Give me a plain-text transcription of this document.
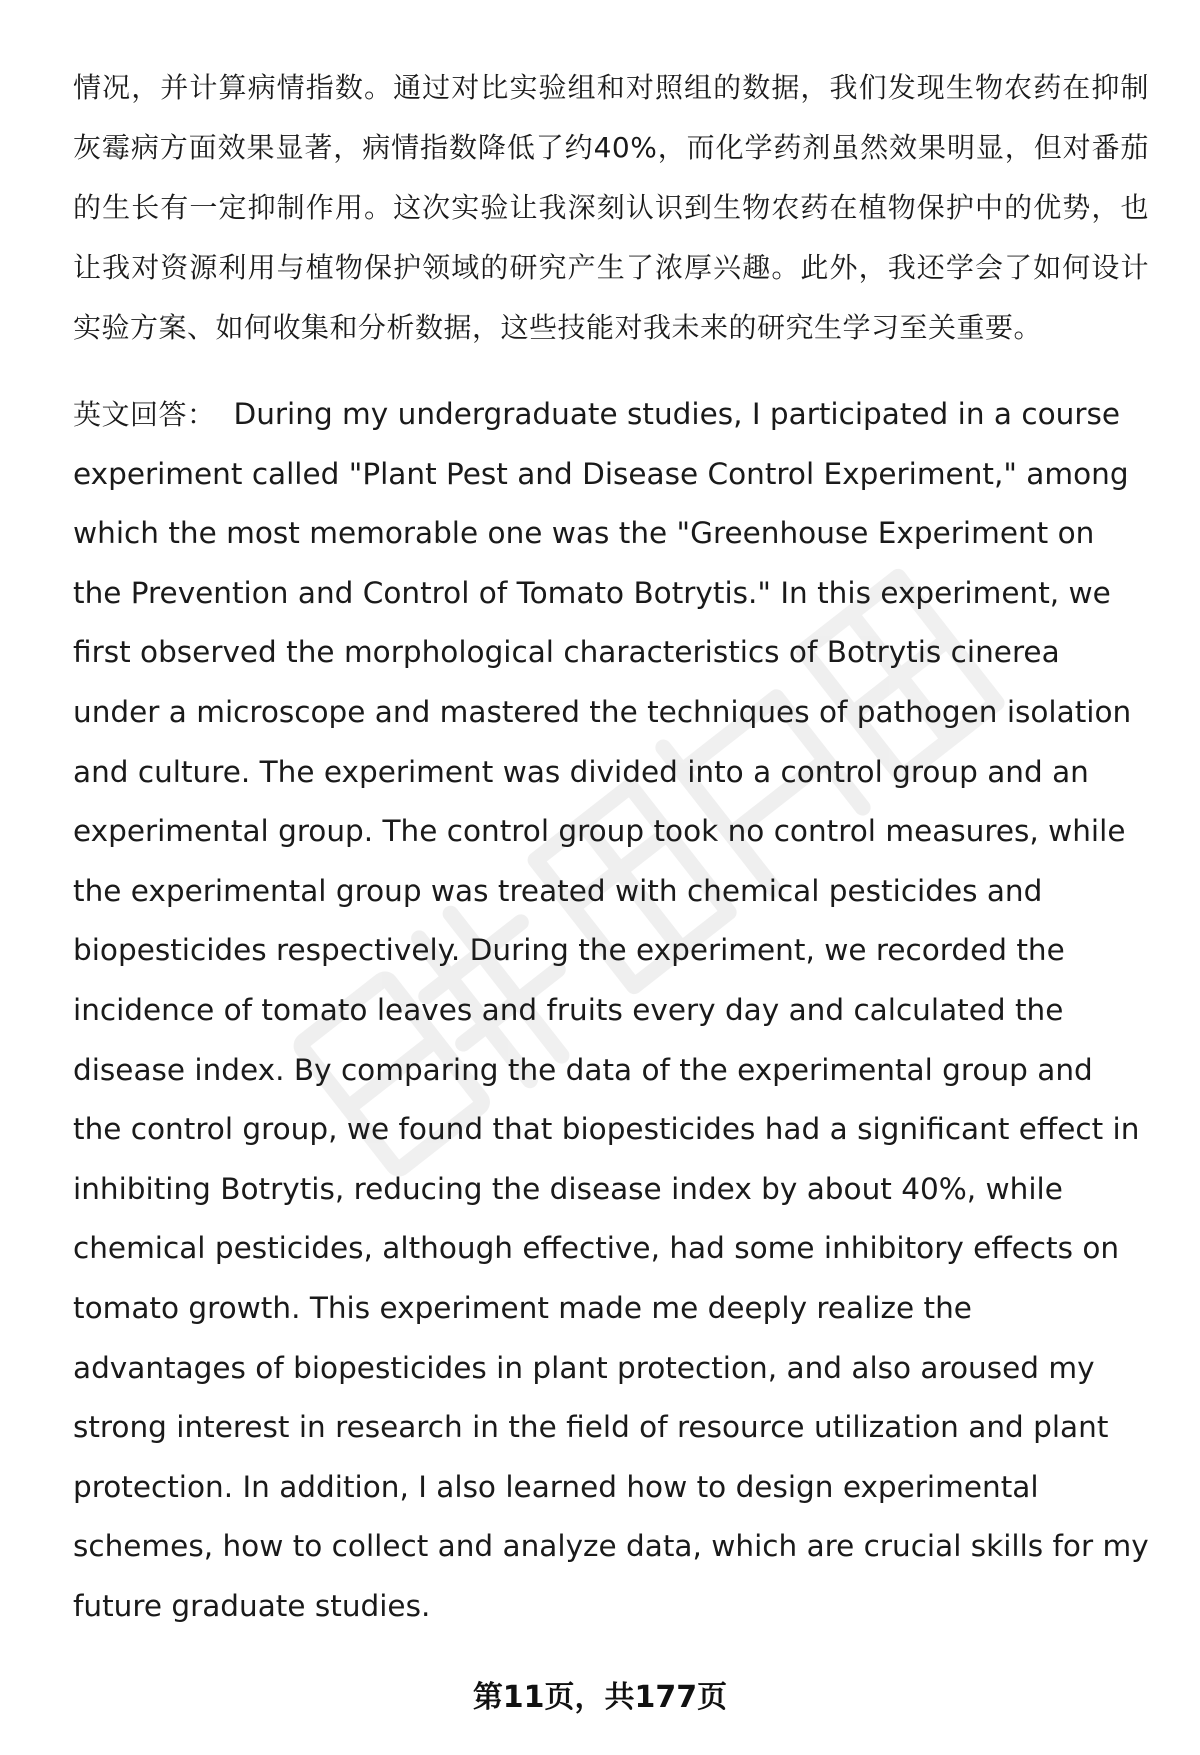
情况，并计算病情指数。通过对比实验组和对照组的数据，我们发现生物农药在抑制灰霉病方面效果显著，病情指数降低了约40%，而化学药剂虽然效果明显，但对番茄的生长有一定抑制作用。这次实验让我深刻认识到生物农药在植物保护中的优势，也让我对资源利用与植物保护领域的研究产生了浓厚兴趣。此外，我还学会了如何设计实验方案、如何收集和分析数据，这些技能对我未来的研究生学习至关重要。

英文回答： During my undergraduate studies, I participated in a course experiment called "Plant Pest and Disease Control Experiment," among which the most memorable one was the "Greenhouse Experiment on the Prevention and Control of Tomato Botrytis." In this experiment, we first observed the morphological characteristics of Botrytis cinerea under a microscope and mastered the techniques of pathogen isolation and culture. The experiment was divided into a control group and an experimental group. The control group took no control measures, while the experimental group was treated with chemical pesticides and biopesticides respectively. During the experiment, we recorded the incidence of tomato leaves and fruits every day and calculated the disease index. By comparing the data of the experimental group and the control group, we found that biopesticides had a significant effect in inhibiting Botrytis, reducing the disease index by about 40%, while chemical pesticides, although effective, had some inhibitory effects on tomato growth. This experiment made me deeply realize the advantages of biopesticides in plant protection, and also aroused my strong interest in research in the field of resource utilization and plant protection. In addition, I also learned how to design experimental schemes, how to collect and analyze data, which are crucial skills for my future graduate studies.

第11页，共177页
